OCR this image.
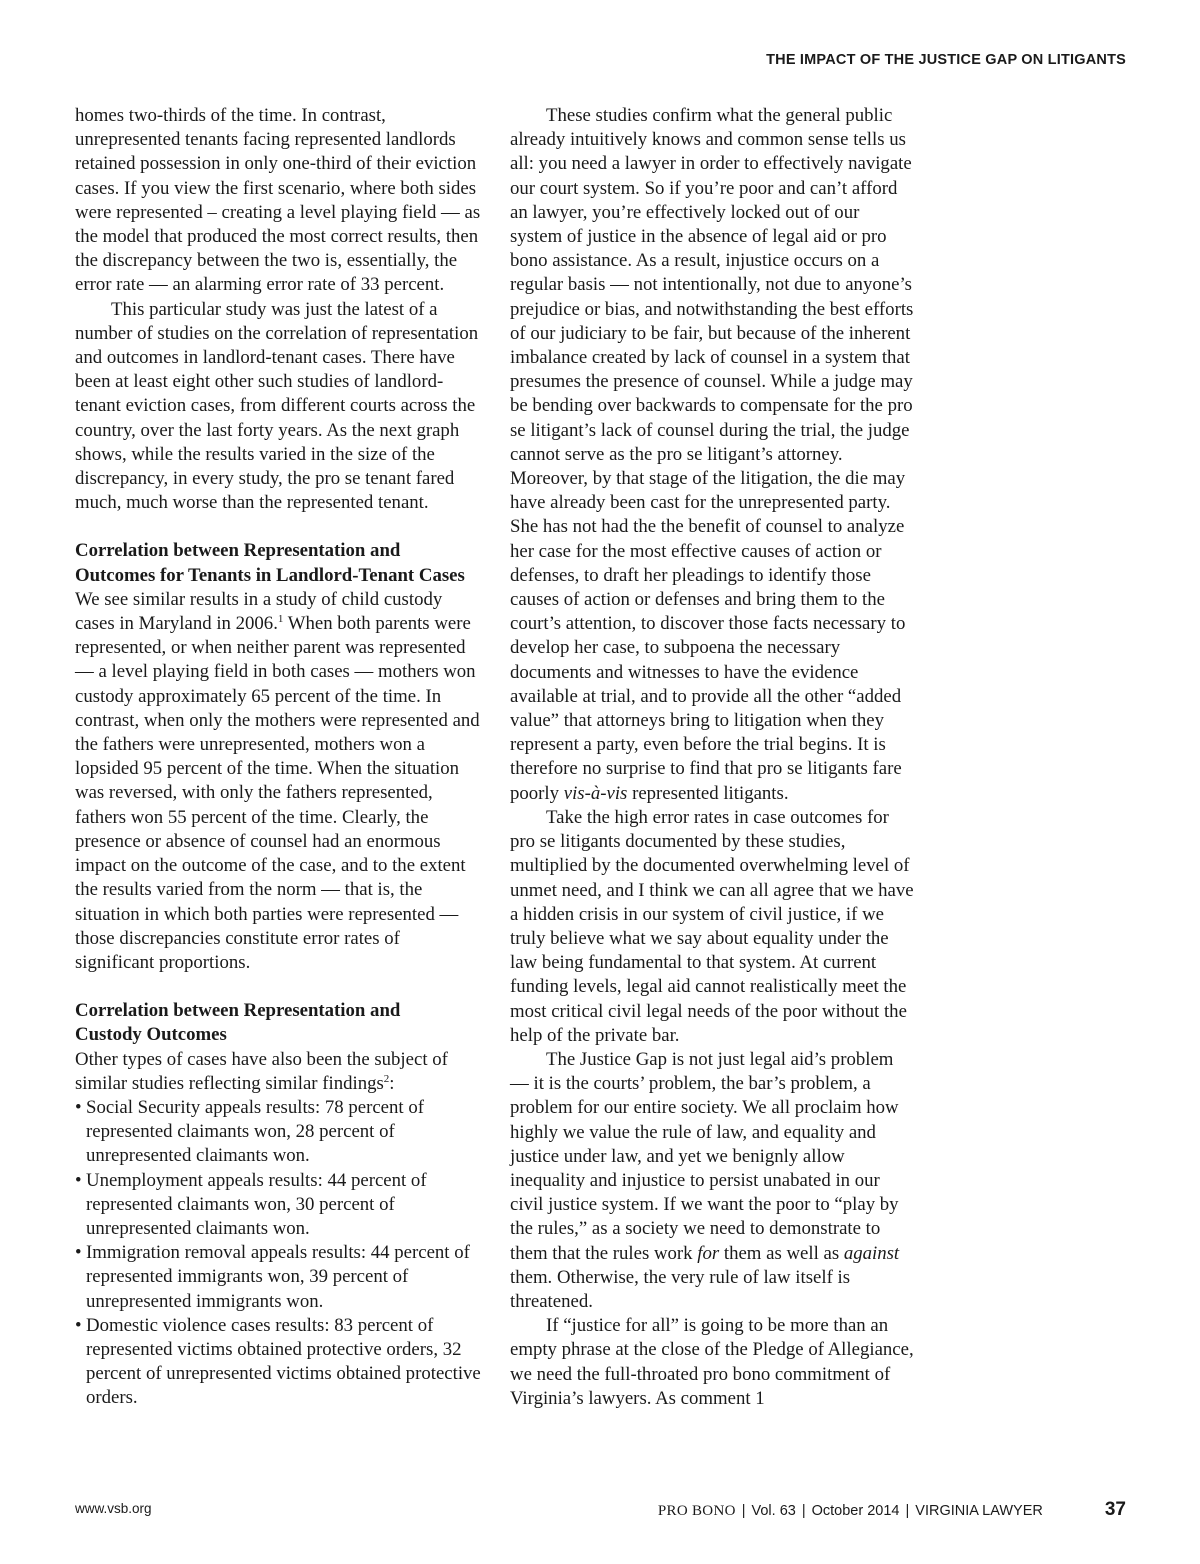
THE IMPACT OF THE JUSTICE GAP ON LITIGANTS

homes two-thirds of the time. In contrast, unrepresented tenants facing represented landlords retained possession in only one-third of their eviction cases. If you view the first scenario, where both sides were represented – creating a level playing field — as the model that produced the most correct results, then the discrepancy between the two is, essentially, the error rate — an alarming error rate of 33 percent.

This particular study was just the latest of a number of studies on the correlation of representation and outcomes in landlord-tenant cases. There have been at least eight other such studies of landlord-tenant eviction cases, from different courts across the country, over the last forty years. As the next graph shows, while the results varied in the size of the discrepancy, in every study, the pro se tenant fared much, much worse than the represented tenant.

Correlation between Representation and
Outcomes for Tenants in Landlord-Tenant Cases

We see similar results in a study of child custody cases in Maryland in 2006.$^1$ When both parents were represented, or when neither parent was represented — a level playing field in both cases — mothers won custody approximately 65 percent of the time. In contrast, when only the mothers were represented and the fathers were unrepresented, mothers won a lopsided 95 percent of the time. When the situation was reversed, with only the fathers represented, fathers won 55 percent of the time. Clearly, the presence or absence of counsel had an enormous impact on the outcome of the case, and to the extent the results varied from the norm — that is, the situation in which both parties were represented — those discrepancies constitute error rates of significant proportions.

Correlation between Representation and
Custody Outcomes

Other types of cases have also been the subject of similar studies reflecting similar findings$^2$:

• Social Security appeals results: 78 percent of represented claimants won, 28 percent of unrepresented claimants won.
• Unemployment appeals results: 44 percent of represented claimants won, 30 percent of unrepresented claimants won.
• Immigration removal appeals results: 44 percent of represented immigrants won, 39 percent of unrepresented immigrants won.
• Domestic violence cases results: 83 percent of represented victims obtained protective orders, 32 percent of unrepresented victims obtained protective orders.

These studies confirm what the general public already intuitively knows and common sense tells us all: you need a lawyer in order to effectively navigate our court system. So if you’re poor and can’t afford an lawyer, you’re effectively locked out of our system of justice in the absence of legal aid or pro bono assistance. As a result, injustice occurs on a regular basis — not intentionally, not due to anyone’s prejudice or bias, and notwithstanding the best efforts of our judiciary to be fair, but because of the inherent imbalance created by lack of counsel in a system that presumes the presence of counsel. While a judge may be bending over backwards to compensate for the pro se litigant’s lack of counsel during the trial, the judge cannot serve as the pro se litigant’s attorney. Moreover, by that stage of the litigation, the die may have already been cast for the unrepresented party. She has not had the the benefit of counsel to analyze her case for the most effective causes of action or defenses, to draft her pleadings to identify those causes of action or defenses and bring them to the court’s attention, to discover those facts necessary to develop her case, to subpoena the necessary documents and witnesses to have the evidence available at trial, and to provide all the other “added value” that attorneys bring to litigation when they represent a party, even before the trial begins. It is therefore no surprise to find that pro se litigants fare poorly vis-à-vis represented litigants.

Take the high error rates in case outcomes for pro se litigants documented by these studies, multiplied by the documented overwhelming level of unmet need, and I think we can all agree that we have a hidden crisis in our system of civil justice, if we truly believe what we say about equality under the law being fundamental to that system. At current funding levels, legal aid cannot realistically meet the most critical civil legal needs of the poor without the help of the private bar.

The Justice Gap is not just legal aid’s problem — it is the courts’ problem, the bar’s problem, a problem for our entire society. We all proclaim how highly we value the rule of law, and equality and justice under law, and yet we benignly allow inequality and injustice to persist unabated in our civil justice system. If we want the poor to “play by the rules,” as a society we need to demonstrate to them that the rules work for them as well as against them. Otherwise, the very rule of law itself is threatened.

If “justice for all” is going to be more than an empty phrase at the close of the Pledge of Allegiance, we need the full-throated pro bono commitment of Virginia’s lawyers. As comment 1

www.vsb.org	PRO BONO | Vol. 63 | October 2014 | VIRGINIA LAWYER	37
